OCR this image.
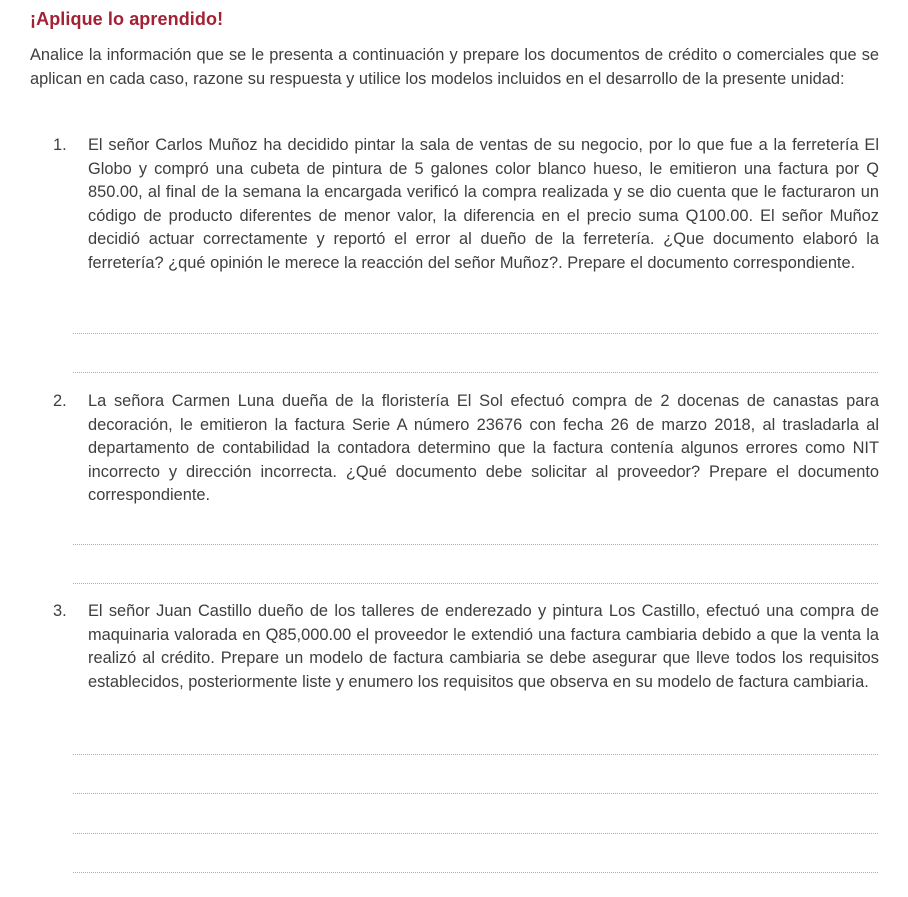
¡Aplique lo aprendido!

Analice la información que se le presenta a continuación y prepare los documentos de crédito o comerciales que se aplican en cada caso, razone su respuesta y utilice los modelos incluidos en el desarrollo de la presente unidad:

1.	El señor Carlos Muñoz ha decidido pintar la sala de ventas de su negocio, por lo que fue a la ferretería El Globo y compró una cubeta de pintura de 5 galones color blanco hueso, le emitieron una factura por Q 850.00, al final de la semana la encargada verificó la compra realizada y se dio cuenta que le facturaron un código de producto diferentes de menor valor, la diferencia en el precio suma Q100.00. El señor Muñoz decidió actuar correctamente y reportó el error al dueño de la ferretería. ¿Que documento elaboró la ferretería? ¿qué opinión le merece la reacción del señor Muñoz?. Prepare el documento correspondiente.
2.	La señora Carmen Luna dueña de la floristería El Sol efectuó compra de 2 docenas de canastas para decoración, le emitieron la factura Serie A número 23676 con fecha 26 de marzo 2018, al trasladarla al departamento de contabilidad la contadora determino que la factura contenía algunos errores como NIT incorrecto y dirección incorrecta. ¿Qué documento debe solicitar al proveedor? Prepare el documento correspondiente.
3.	El señor Juan Castillo dueño de los talleres de enderezado y pintura Los Castillo, efectuó una compra de maquinaria valorada en Q85,000.00 el proveedor le extendió una factura cambiaria debido a que la venta la realizó al crédito. Prepare un modelo de factura cambiaria se debe asegurar que lleve todos los requisitos establecidos, posteriormente liste y enumero los requisitos que observa en su modelo de factura cambiaria.
